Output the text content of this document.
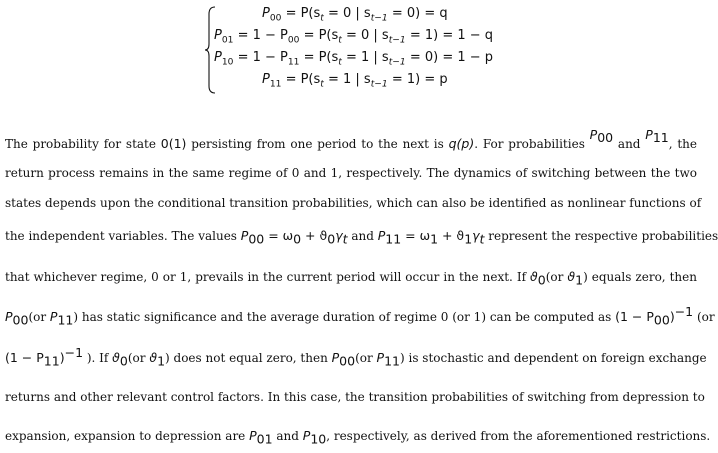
$P_{00} = P(s_t = 0$ | $s_{t-1} = 0) = q$
$P_{01} = 1 - P_{00} = P(s_t = 0$ | $s_{t-1} = 1) = 1 - q$
$P_{10} = 1 - P_{11} = P(s_t = 1$ | $s_{t-1} = 0) = 1 - p$
$P_{11} = P(s_t = 1$ | $s_{t-1} = 1) = p$
The probability for state 0(1) persisting from one period to the next is q(p). For probabilities $P_{00}$ and $P_{11}$, the
return process remains in the same regime of 0 and 1, respectively. The dynamics of switching between the two
states depends upon the conditional transition probabilities, which can also be identified as nonlinear functions of
the independent variables. The values $P_{00} = \omega_0 + ϑ_0\gamma_t$ and $P_{11} = \omega_1 + ϑ_1\gamma_t$ represent the respective probabilities
that whichever regime, 0 or 1, prevails in the current period will occur in the next. If $ϑ_0(or$ $ϑ_1$) equals zero, then
$P_{00}(or$ $P_{11}$) has static significance and the average duration of regime 0 (or 1) can be computed as $(1 - P_{00})^{-1}$ (or
$(1 - P_{11})^{-1}$ ). If $ϑ_0(or$ $ϑ_1$) does not equal zero, then $P_{00}(or$ $P_{11}$) is stochastic and dependent on foreign exchange
returns and other relevant control factors. In this case, the transition probabilities of switching from depression to
expansion, expansion to depression are $P_{01}$ and $P_{10}$, respectively, as derived from the aforementioned restrictions.
